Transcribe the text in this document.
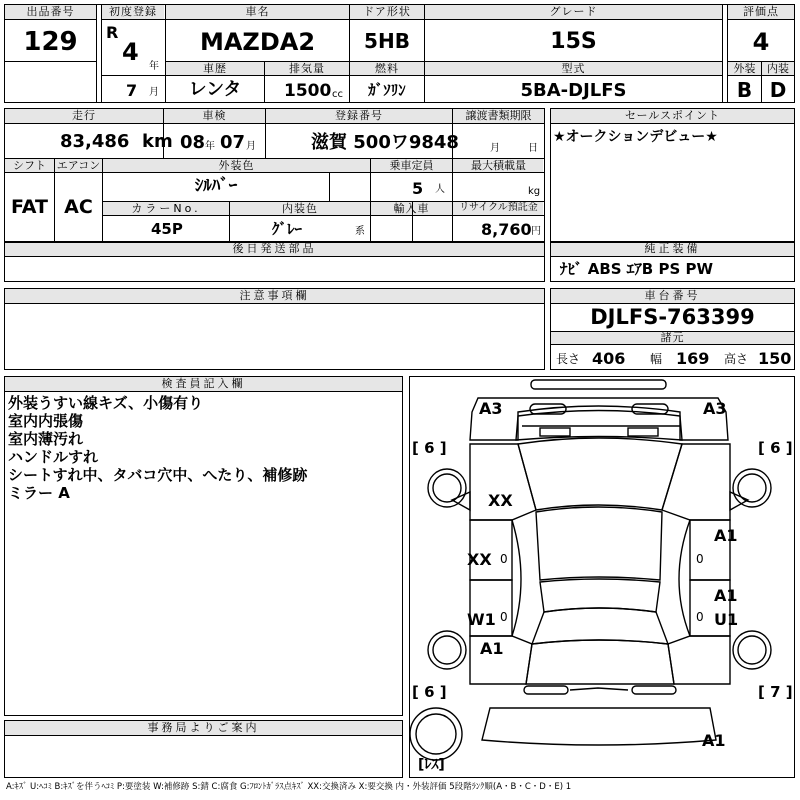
出品番号
129
初度登録
R
4
年
7 月
車名
MAZDA2
ドア形状
5HB
グレード
15S
評価点
4
車歴
レンタ
排気量
1500 cc
燃料
ｶﾞｿﾘﾝ
型式
5BA-DJLFS
外装
B
内装
D
走行
83,486 km
車検
08 年 07 月
登録番号
滋賀 500ワ9848
譲渡書類期限
月	日
シフト
FAT
エアコン
AC
外装色
ｼﾙﾊﾞｰ
乗車定員
5 人
最大積載量
kg
カラーNo.
45P
内装色
ｸﾞﾚｰ	系
輸入車	リサイクル預託金
8,760 円
セールスポイント
★オークションデビュー★
後日発送部品	純正装備
ﾅﾋﾞ ABS ｴｱB PS PW
注意事項欄	車台番号
DJLFS-763399
諸元
長さ 406 幅 169 高さ 150
検査員記入欄
外装うすい線キズ、小傷有り
室内内張傷
室内薄汚れ
ハンドルすれ
シートすれ中、タバコ穴中、へたり、補修跡
ミラー A
事務局よりご案内
[ 6 ]	[ 6 ]
[ 6 ]	[ 7 ]
[ﾚｽ]
A3	A3
XX
XX
A1
W1
A1
U1
A1
A1
0
0
0
0
A:ｷｽﾞ U:ﾍｺﾐ B:ｷｽﾞを伴うﾍｺﾐ P:要塗装 W:補修跡 S:錆 C:腐食 G:ﾌﾛﾝﾄｶﾞﾗｽ点ｷｽﾞ XX:交換済み X:要交換 内・外装評価 5段階ﾗﾝｸ順(A・B・C・D・E) 1
